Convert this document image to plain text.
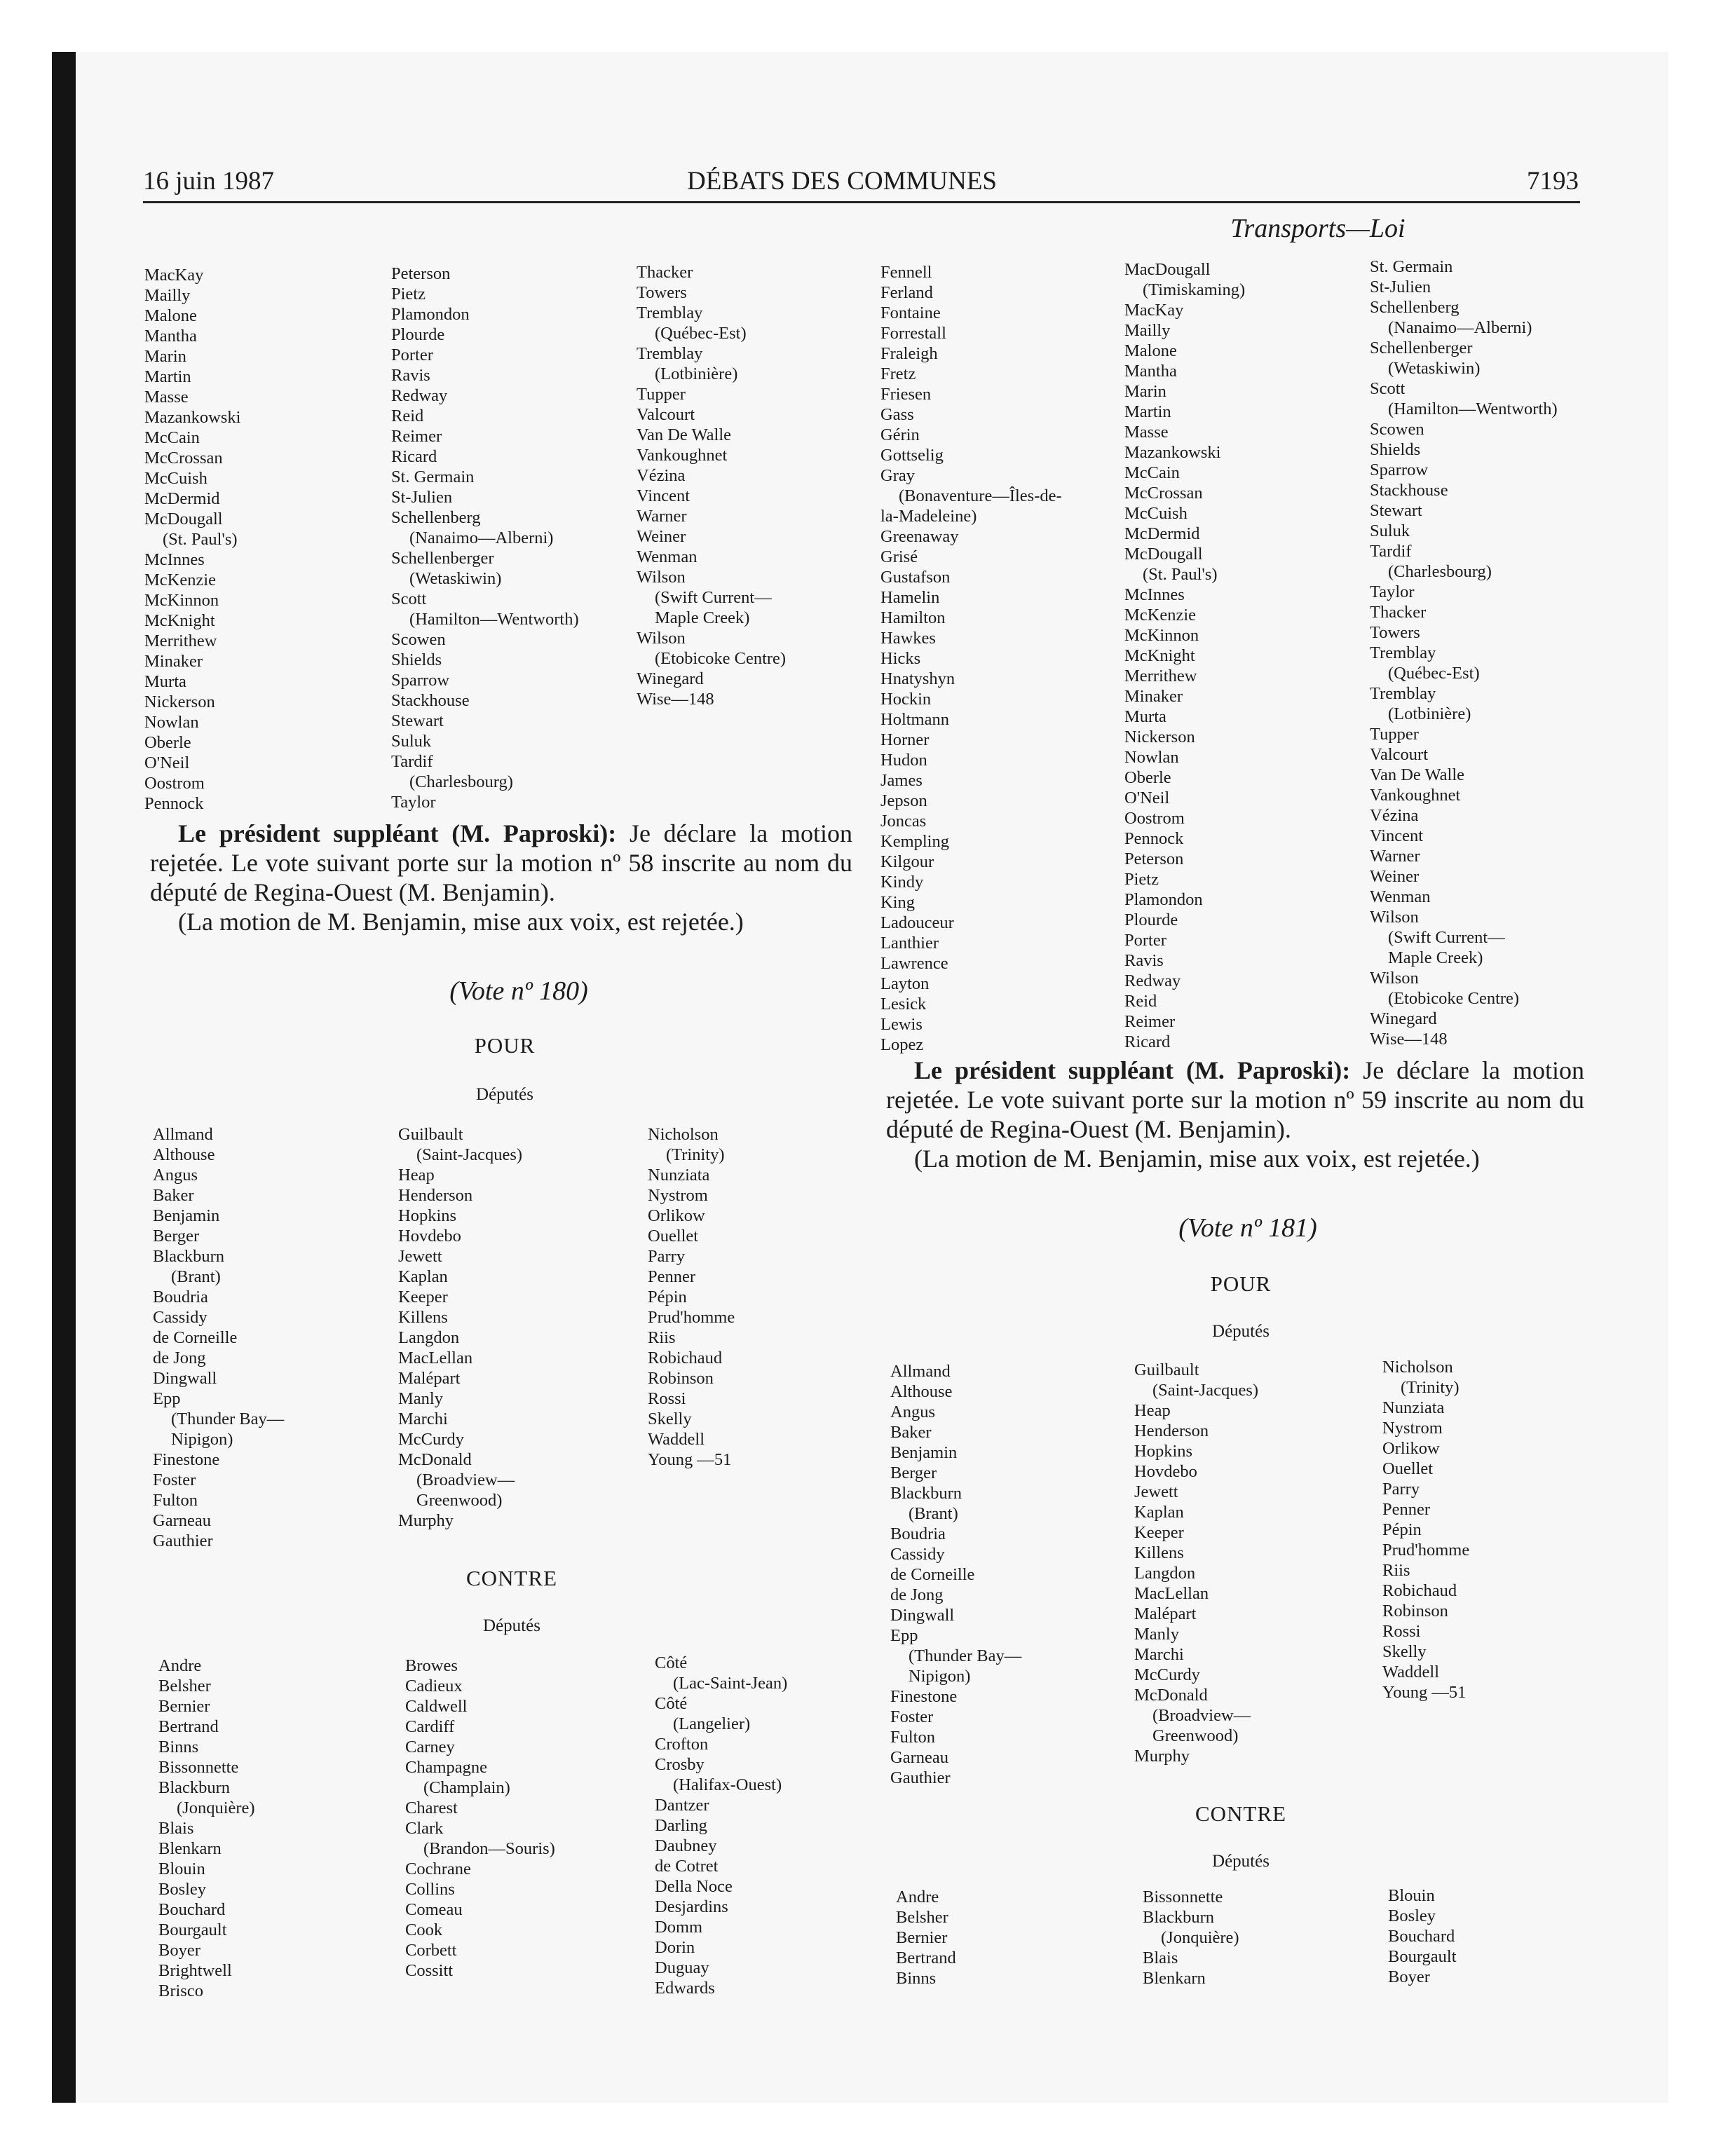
16 juin 1987	DÉBATS DES COMMUNES	7193
Transports—Loi
MacKay
Mailly
Malone
Mantha
Marin
Martin
Masse
Mazankowski
McCain
McCrossan
McCuish
McDermid
McDougall
(St. Paul's)
McInnes
McKenzie
McKinnon
McKnight
Merrithew
Minaker
Murta
Nickerson
Nowlan
Oberle
O'Neil
Oostrom
Pennock
Peterson
Pietz
Plamondon
Plourde
Porter
Ravis
Redway
Reid
Reimer
Ricard
St. Germain
St-Julien
Schellenberg
(Nanaimo—Alberni)
Schellenberger
(Wetaskiwin)
Scott
(Hamilton—Wentworth)
Scowen
Shields
Sparrow
Stackhouse
Stewart
Suluk
Tardif
(Charlesbourg)
Taylor
Thacker
Towers
Tremblay
(Québec-Est)
Tremblay
(Lotbinière)
Tupper
Valcourt
Van De Walle
Vankoughnet
Vézina
Vincent
Warner
Weiner
Wenman
Wilson
(Swift Current—
Maple Creek)
Wilson
(Etobicoke Centre)
Winegard
Wise—148

Le président suppléant (M. Paproski): Je déclare la motion rejetée. Le vote suivant porte sur la motion nº 58 inscrite au nom du député de Regina-Ouest (M. Benjamin).

(La motion de M. Benjamin, mise aux voix, est rejetée.)

(Vote nº 180)
POUR
Députés
Allmand
Althouse
Angus
Baker
Benjamin
Berger
Blackburn
(Brant)
Boudria
Cassidy
de Corneille
de Jong
Dingwall
Epp
(Thunder Bay—
Nipigon)
Finestone
Foster
Fulton
Garneau
Gauthier
Guilbault
(Saint-Jacques)
Heap
Henderson
Hopkins
Hovdebo
Jewett
Kaplan
Keeper
Killens
Langdon
MacLellan
Malépart
Manly
Marchi
McCurdy
McDonald
(Broadview—
Greenwood)
Murphy
Nicholson
(Trinity)
Nunziata
Nystrom
Orlikow
Ouellet
Parry
Penner
Pépin
Prud'homme
Riis
Robichaud
Robinson
Rossi
Skelly
Waddell
Young —51
CONTRE
Députés
Andre
Belsher
Bernier
Bertrand
Binns
Bissonnette
Blackburn
(Jonquière)
Blais
Blenkarn
Blouin
Bosley
Bouchard
Bourgault
Boyer
Brightwell
Brisco
Browes
Cadieux
Caldwell
Cardiff
Carney
Champagne
(Champlain)
Charest
Clark
(Brandon—Souris)
Cochrane
Collins
Comeau
Cook
Corbett
Cossitt
Côté
(Lac-Saint-Jean)
Côté
(Langelier)
Crofton
Crosby
(Halifax-Ouest)
Dantzer
Darling
Daubney
de Cotret
Della Noce
Desjardins
Domm
Dorin
Duguay
Edwards
Fennell
Ferland
Fontaine
Forrestall
Fraleigh
Fretz
Friesen
Gass
Gérin
Gottselig
Gray
(Bonaventure—Îles-de-
la-Madeleine)
Greenaway
Grisé
Gustafson
Hamelin
Hamilton
Hawkes
Hicks
Hnatyshyn
Hockin
Holtmann
Horner
Hudon
James
Jepson
Joncas
Kempling
Kilgour
Kindy
King
Ladouceur
Lanthier
Lawrence
Layton
Lesick
Lewis
Lopez
MacDougall
(Timiskaming)
MacKay
Mailly
Malone
Mantha
Marin
Martin
Masse
Mazankowski
McCain
McCrossan
McCuish
McDermid
McDougall
(St. Paul's)
McInnes
McKenzie
McKinnon
McKnight
Merrithew
Minaker
Murta
Nickerson
Nowlan
Oberle
O'Neil
Oostrom
Pennock
Peterson
Pietz
Plamondon
Plourde
Porter
Ravis
Redway
Reid
Reimer
Ricard
St. Germain
St-Julien
Schellenberg
(Nanaimo—Alberni)
Schellenberger
(Wetaskiwin)
Scott
(Hamilton—Wentworth)
Scowen
Shields
Sparrow
Stackhouse
Stewart
Suluk
Tardif
(Charlesbourg)
Taylor
Thacker
Towers
Tremblay
(Québec-Est)
Tremblay
(Lotbinière)
Tupper
Valcourt
Van De Walle
Vankoughnet
Vézina
Vincent
Warner
Weiner
Wenman
Wilson
(Swift Current—
Maple Creek)
Wilson
(Etobicoke Centre)
Winegard
Wise—148

Le président suppléant (M. Paproski): Je déclare la motion rejetée. Le vote suivant porte sur la motion nº 59 inscrite au nom du député de Regina-Ouest (M. Benjamin).

(La motion de M. Benjamin, mise aux voix, est rejetée.)

(Vote nº 181)
POUR
Députés
Allmand
Althouse
Angus
Baker
Benjamin
Berger
Blackburn
(Brant)
Boudria
Cassidy
de Corneille
de Jong
Dingwall
Epp
(Thunder Bay—
Nipigon)
Finestone
Foster
Fulton
Garneau
Gauthier
Guilbault
(Saint-Jacques)
Heap
Henderson
Hopkins
Hovdebo
Jewett
Kaplan
Keeper
Killens
Langdon
MacLellan
Malépart
Manly
Marchi
McCurdy
McDonald
(Broadview—
Greenwood)
Murphy
Nicholson
(Trinity)
Nunziata
Nystrom
Orlikow
Ouellet
Parry
Penner
Pépin
Prud'homme
Riis
Robichaud
Robinson
Rossi
Skelly
Waddell
Young —51
CONTRE
Députés
Andre
Belsher
Bernier
Bertrand
Binns
Bissonnette
Blackburn
(Jonquière)
Blais
Blenkarn
Blouin
Bosley
Bouchard
Bourgault
Boyer
